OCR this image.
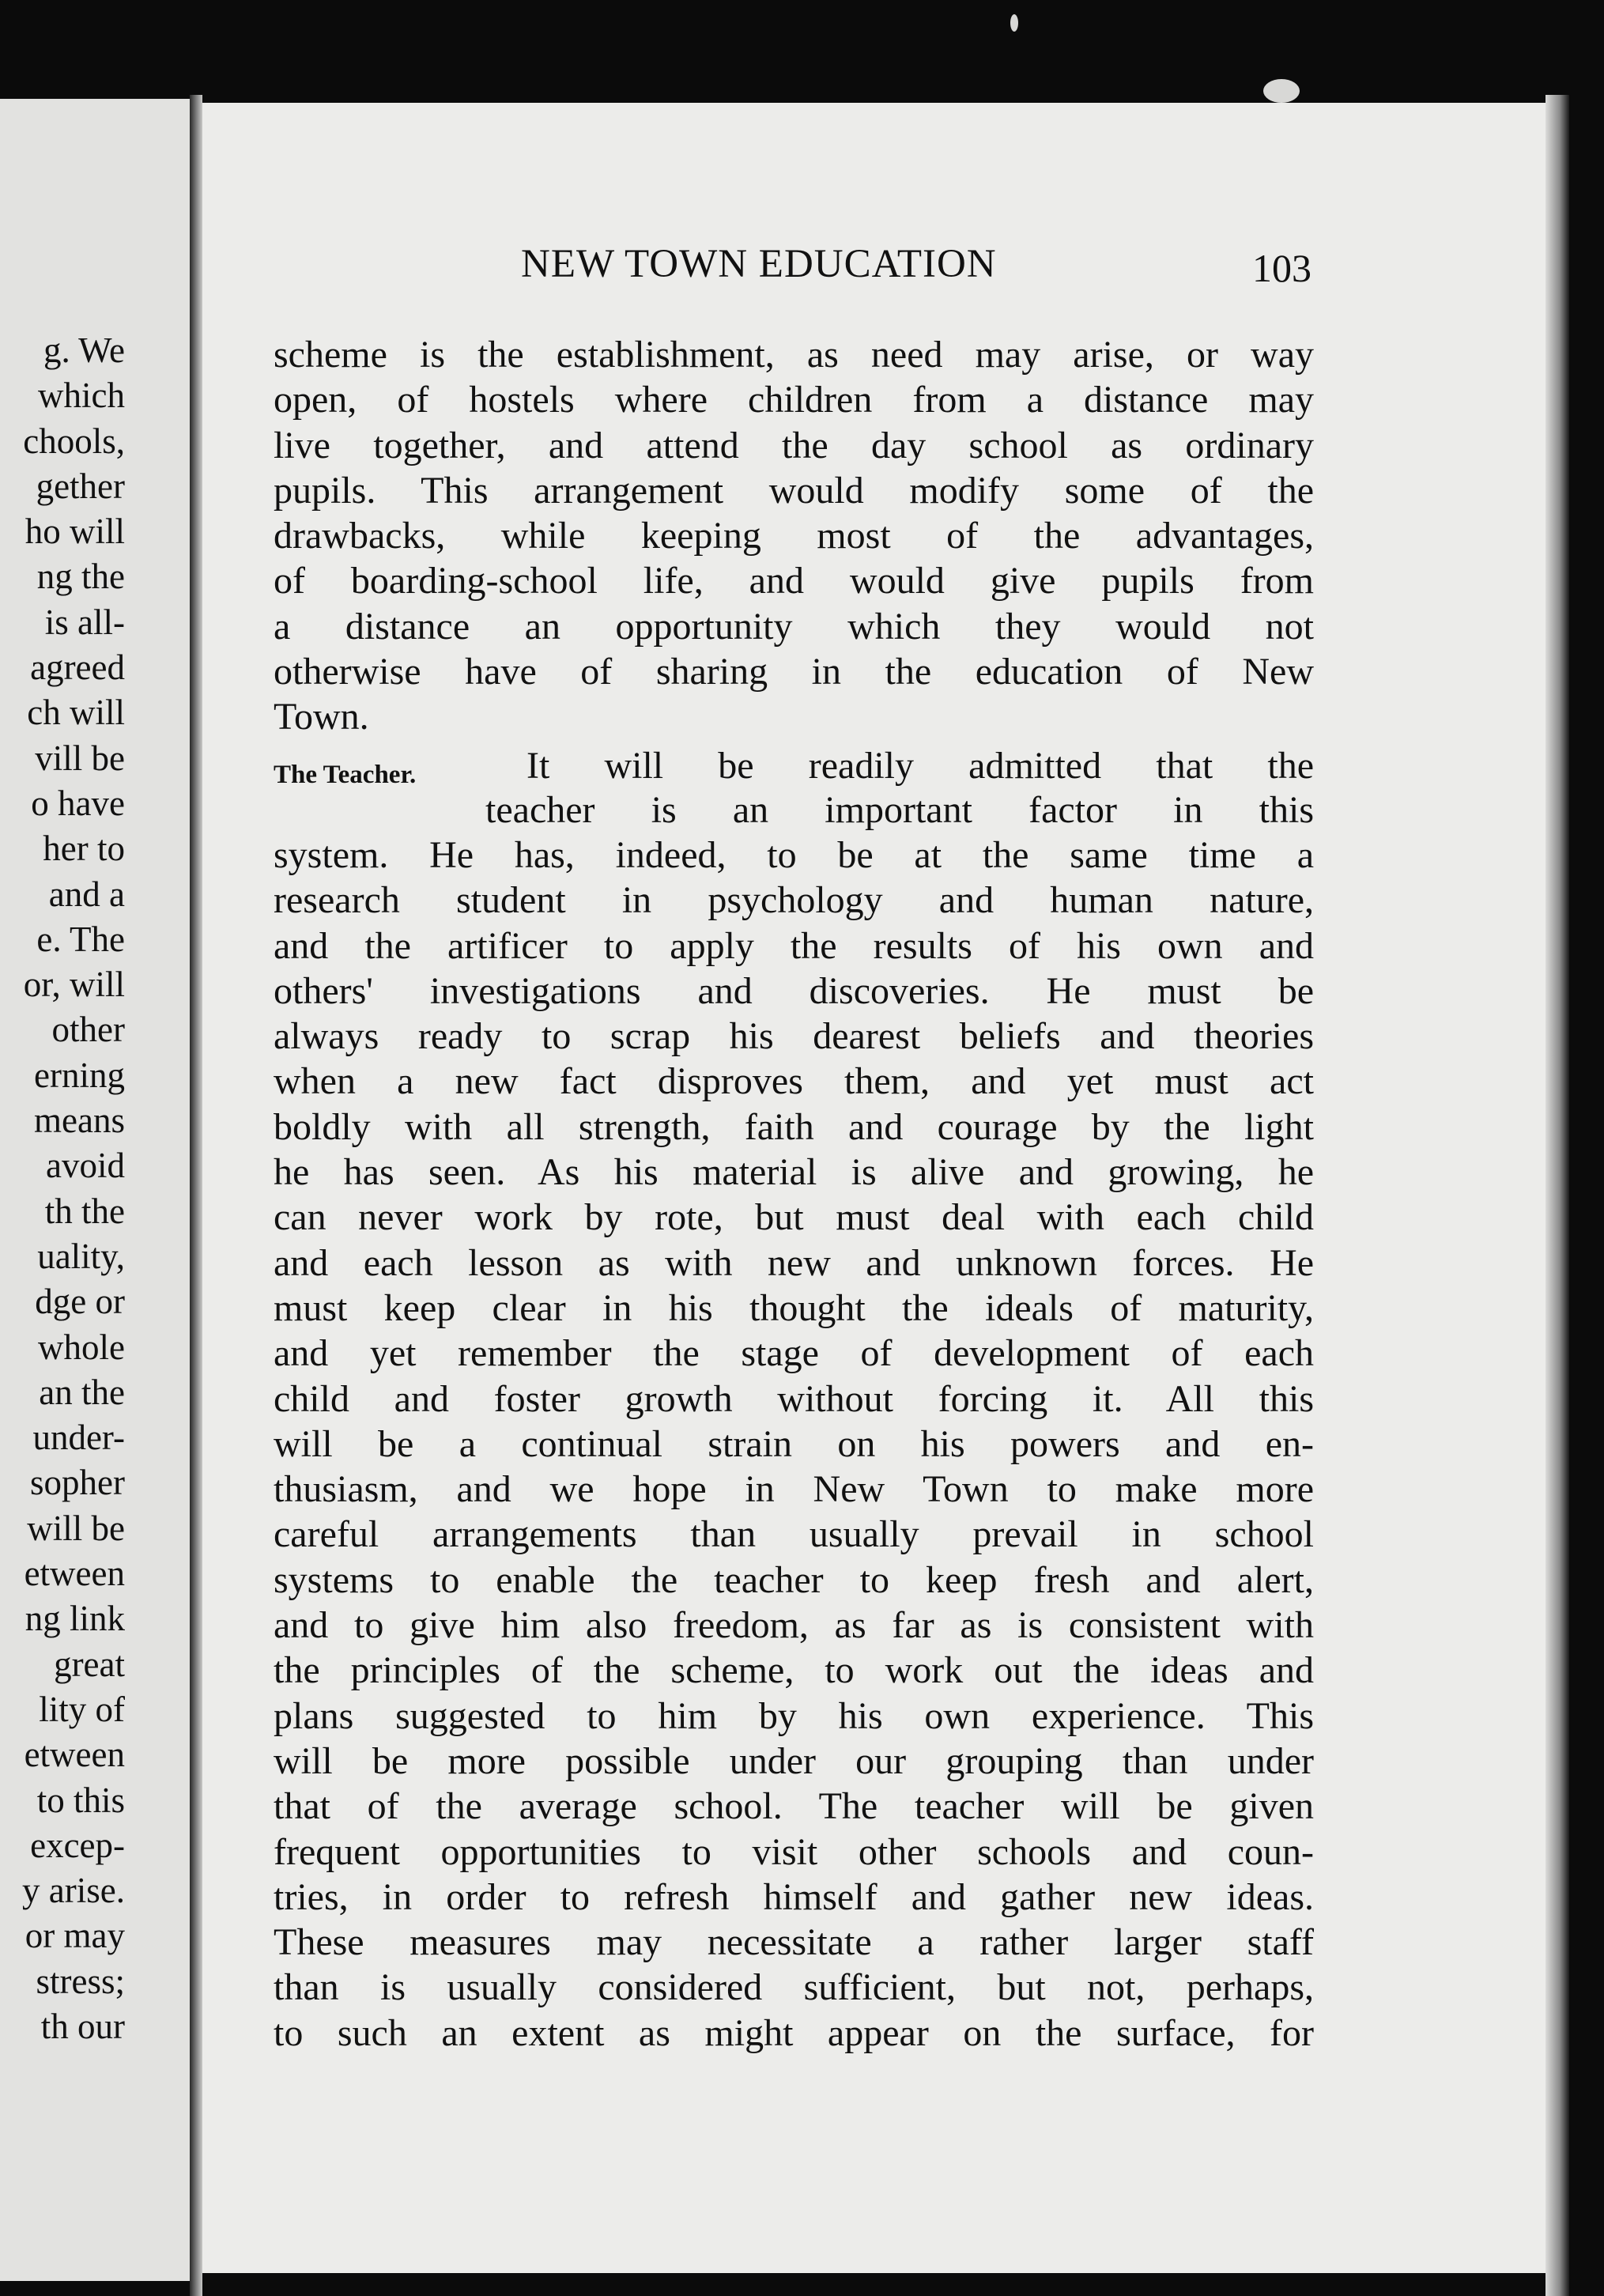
g. We
which
chools,
gether
ho will
ng the
is all-
agreed
ch will
vill be
o have
her to
and a
e. The
or, will
other
erning
means
avoid
th the
uality,
dge or
whole
an the
under-
sopher
will be
etween
ng link
great
lity of
etween
to this
excep-
y arise.
or may
stress;
th our
NEW TOWN EDUCATION	103
The Teacher.
scheme is the establishment, as need may arise, or way
open, of hostels where children from a distance may
live together, and attend the day school as ordinary
pupils. This arrangement would modify some of the
drawbacks, while keeping most of the advantages,
of boarding-school life, and would give pupils from
a distance an opportunity which they would not
otherwise have of sharing in the education of New
Town.
It will be readily admitted that the
teacher is an important factor in this
system. He has, indeed, to be at the same time a
research student in psychology and human nature,
and the artificer to apply the results of his own and
others' investigations and discoveries. He must be
always ready to scrap his dearest beliefs and theories
when a new fact disproves them, and yet must act
boldly with all strength, faith and courage by the light
he has seen. As his material is alive and growing, he
can never work by rote, but must deal with each child
and each lesson as with new and unknown forces. He
must keep clear in his thought the ideals of maturity,
and yet remember the stage of development of each
child and foster growth without forcing it. All this
will be a continual strain on his powers and en-
thusiasm, and we hope in New Town to make more
careful arrangements than usually prevail in school
systems to enable the teacher to keep fresh and alert,
and to give him also freedom, as far as is consistent with
the principles of the scheme, to work out the ideas and
plans suggested to him by his own experience. This
will be more possible under our grouping than under
that of the average school. The teacher will be given
frequent opportunities to visit other schools and coun-
tries, in order to refresh himself and gather new ideas.
These measures may necessitate a rather larger staff
than is usually considered sufficient, but not, perhaps,
to such an extent as might appear on the surface, for
